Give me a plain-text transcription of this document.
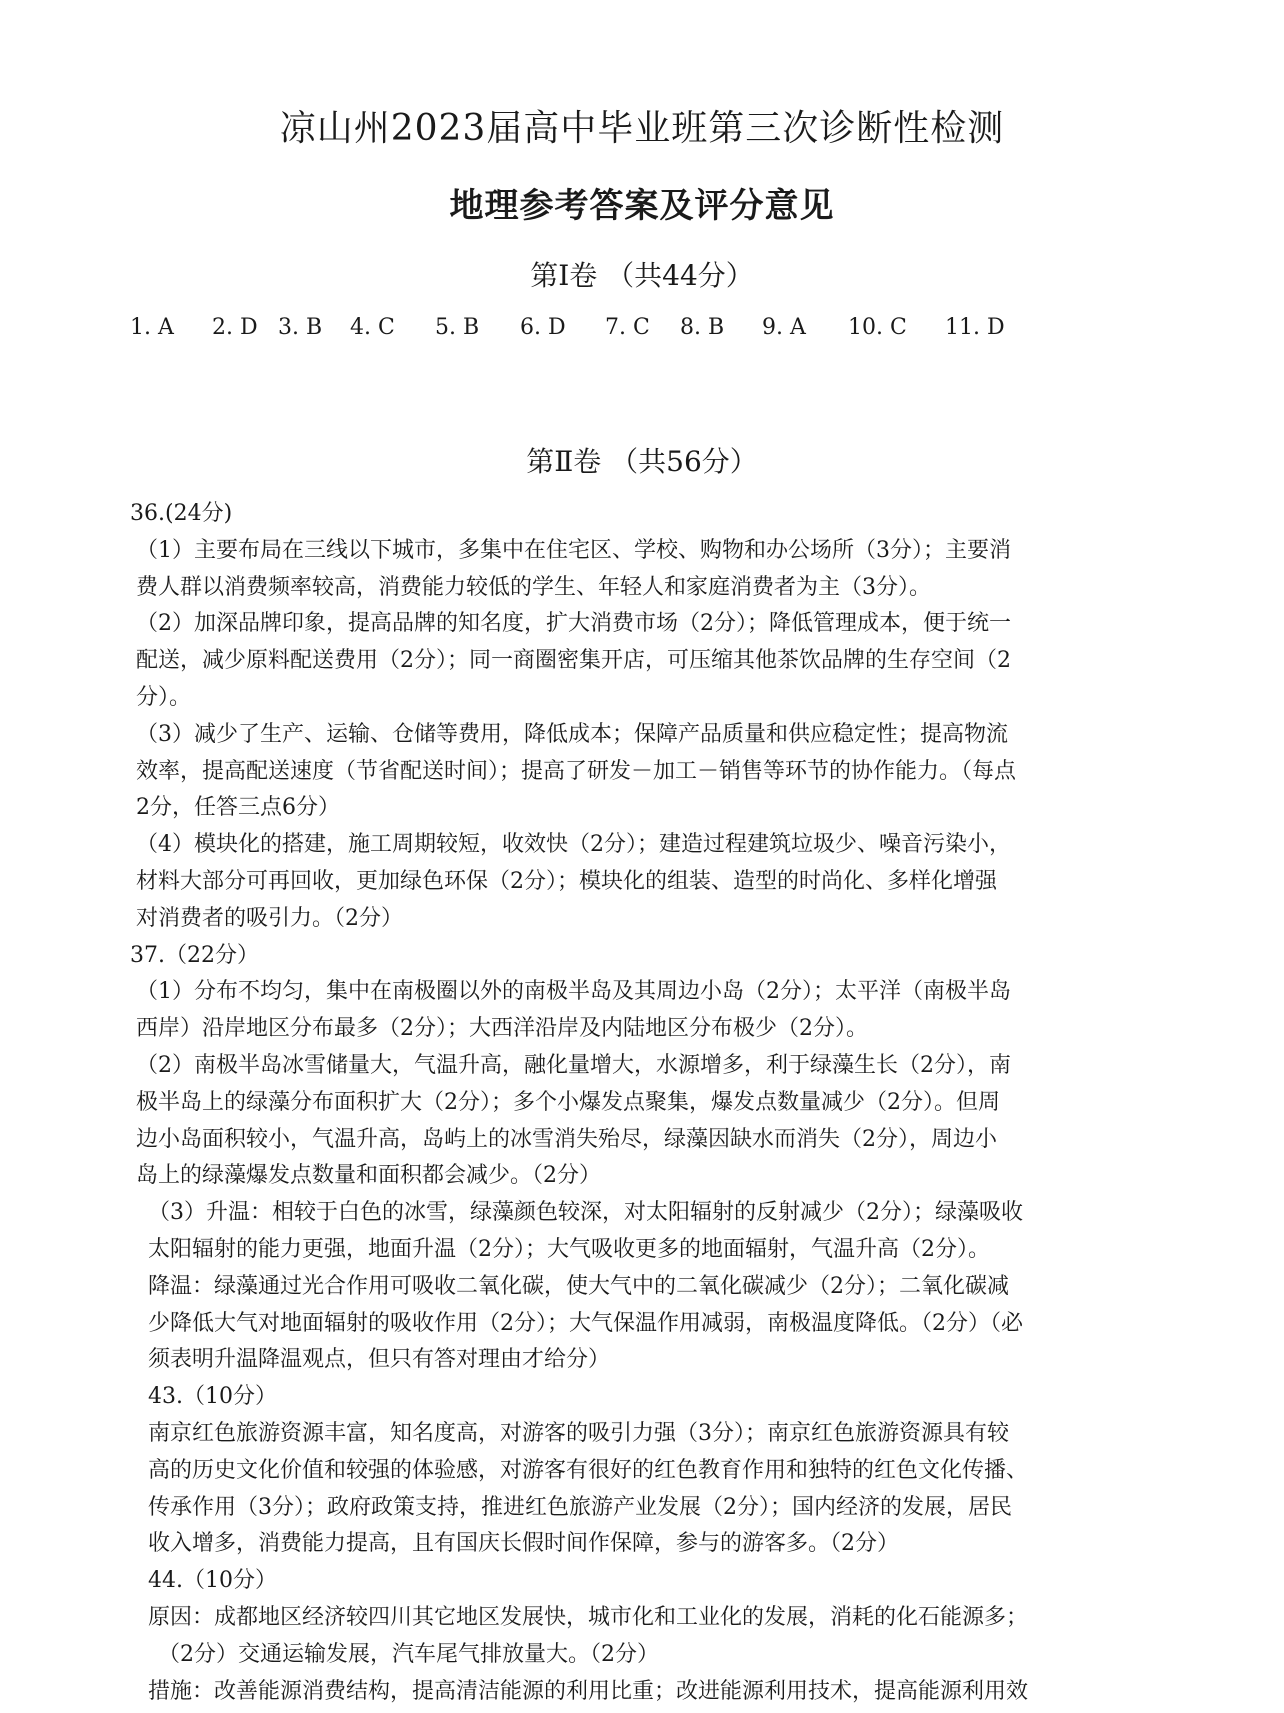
凉山州2023届高中毕业班第三次诊断性检测
地理参考答案及评分意见
第Ⅰ卷 （共44分）
1. A 2. D 3. B 4. C 5. B 6. D 7. C 8. B 9. A 10. C 11. D
第Ⅱ卷 （共56分）
36.(24分)
（1）主要布局在三线以下城市，多集中在住宅区、学校、购物和办公场所（3分）；主要消
费人群以消费频率较高，消费能力较低的学生、年轻人和家庭消费者为主（3分）。
（2）加深品牌印象，提高品牌的知名度，扩大消费市场（2分）；降低管理成本，便于统一
配送，减少原料配送费用（2分）；同一商圈密集开店，可压缩其他茶饮品牌的生存空间（2
分）。
（3）减少了生产、运输、仓储等费用，降低成本；保障产品质量和供应稳定性；提高物流
效率，提高配送速度（节省配送时间）；提高了研发－加工－销售等环节的协作能力。（每点
2分，任答三点6分）
（4）模块化的搭建，施工周期较短，收效快（2分）；建造过程建筑垃圾少、噪音污染小，
材料大部分可再回收，更加绿色环保（2分）；模块化的组装、造型的时尚化、多样化增强
对消费者的吸引力。（2分）
37.（22分）
（1）分布不均匀，集中在南极圈以外的南极半岛及其周边小岛（2分）；太平洋（南极半岛
西岸）沿岸地区分布最多（2分）；大西洋沿岸及内陆地区分布极少（2分）。
（2）南极半岛冰雪储量大，气温升高，融化量增大，水源增多，利于绿藻生长（2分），南
极半岛上的绿藻分布面积扩大（2分）；多个小爆发点聚集，爆发点数量减少（2分）。但周
边小岛面积较小，气温升高，岛屿上的冰雪消失殆尽，绿藻因缺水而消失（2分），周边小
岛上的绿藻爆发点数量和面积都会减少。（2分）
（3）升温：相较于白色的冰雪，绿藻颜色较深，对太阳辐射的反射减少（2分）；绿藻吸收
太阳辐射的能力更强，地面升温（2分）；大气吸收更多的地面辐射，气温升高（2分）。
降温：绿藻通过光合作用可吸收二氧化碳，使大气中的二氧化碳减少（2分）；二氧化碳减
少降低大气对地面辐射的吸收作用（2分）；大气保温作用减弱，南极温度降低。（2分）（必
须表明升温降温观点，但只有答对理由才给分）
43.（10分）
南京红色旅游资源丰富，知名度高，对游客的吸引力强（3分）；南京红色旅游资源具有较
高的历史文化价值和较强的体验感，对游客有很好的红色教育作用和独特的红色文化传播、
传承作用（3分）；政府政策支持，推进红色旅游产业发展（2分）；国内经济的发展，居民
收入增多，消费能力提高，且有国庆长假时间作保障，参与的游客多。（2分）
44.（10分）
原因：成都地区经济较四川其它地区发展快，城市化和工业化的发展，消耗的化石能源多；
（2分）交通运输发展，汽车尾气排放量大。（2分）
措施：改善能源消费结构，提高清洁能源的利用比重；改进能源利用技术，提高能源利用效
